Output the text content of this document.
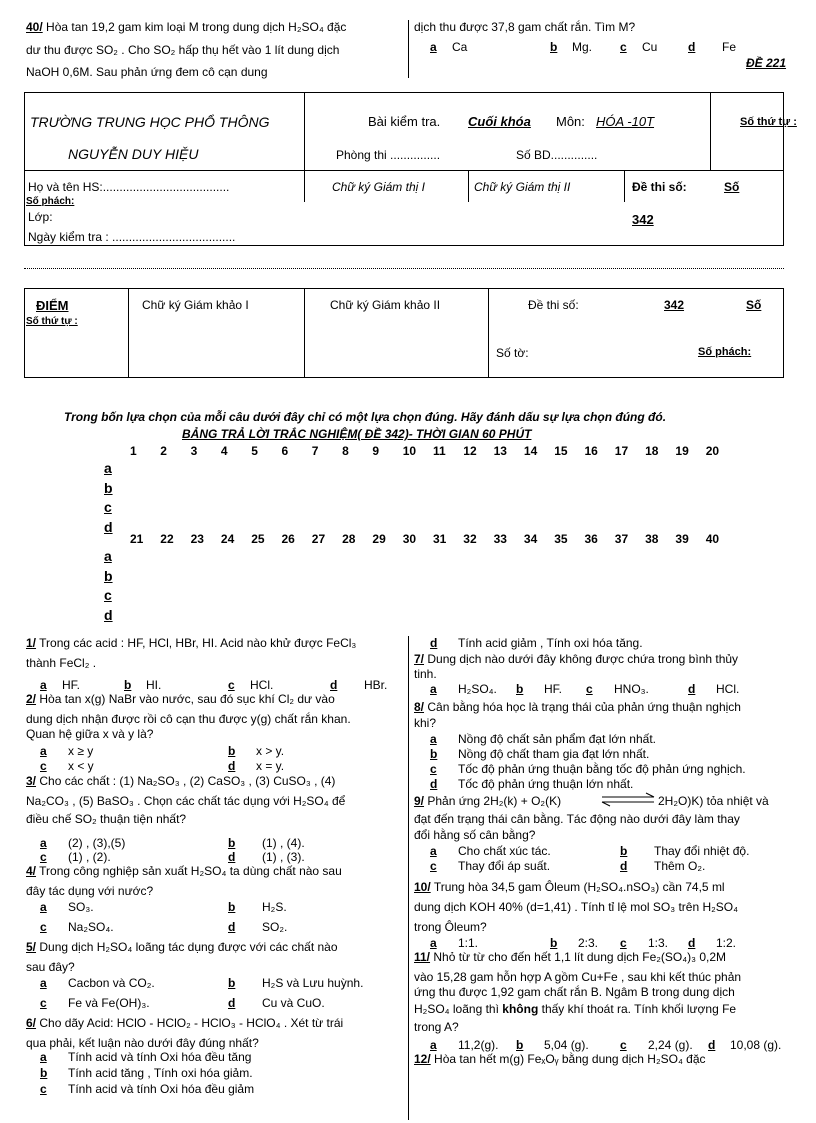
40/ Hòa tan 19,2 gam kim loại M trong dung dịch H₂SO₄ đặc
dư thu được SO₂ . Cho SO₂ hấp thụ hết vào 1 lít dung dịch
NaOH 0,6M. Sau phản ứng đem cô cạn dung
dịch thu được 37,8 gam chất rắn. Tìm M?
a Ca	b Mg. c Cu	d Fe
ĐỀ 221
TRƯỜNG TRUNG HỌC PHỔ THÔNG
NGUYỄN DUY HIỆU
Bài kiểm tra. Cuối khóa Môn: HÓA -10T	Số thứ tự :
Phòng thi ...............	Số BD..............
Họ và tên HS:......................................
Số phách:
Lớp:
Chữ ký Giám thị I	Chữ ký Giám thị II	Đề thi số:	Số
342
Ngày kiểm tra : .....................................
ĐIỂM
Số thứ tự :
Chữ ký Giám khảo I	Chữ ký Giám khảo II	Đề thi số:	342	Số
Số tờ:	Số phách:
Trong bốn lựa chọn của mỗi câu dưới đây chỉ có một lựa chọn đúng. Hãy đánh dấu sự lựa chọn đúng đó.
BẢNG TRẢ LỜI TRẮC NGHIỆM( ĐỀ 342)- THỜI GIAN 60 PHÚT
1 2 3 4 5 6 7 8 9 10 11 12 13 14 15 16 17 18 19 20
a
b
c
d
21 22 23 24 25 26 27 28 29 30 31 32 33 34 35 36 37 38 39 40
a
b
c
d
1/ Trong các acid : HF, HCl, HBr, HI. Acid nào khử được FeCl₃
thành FeCl₂ .
a HF.	b HI.	c HCl.	d HBr.
2/ Hòa tan x(g) NaBr vào nước, sau đó sục khí Cl₂ dư vào
dung dịch nhận được rồi cô cạn thu được y(g) chất rắn khan.
Quan hệ giữa x và y là?
a x ≥ y	b x > y.
c x < y	d x = y.
3/ Cho các chất : (1) Na₂SO₃ , (2) CaSO₃ , (3) CuSO₃ , (4)
Na₂CO₃ , (5) BaSO₃ . Chọn các chất tác dụng với H₂SO₄ để
điều chế SO₂ thuận tiện nhất?
a (2) , (3),(5)	b (1) , (4).
c (1) , (2).	d (1) , (3).
4/ Trong công nghiệp sản xuất H₂SO₄ ta dùng chất nào sau
đây tác dụng với nước?
a SO₃.	b H₂S.
c Na₂SO₄.	d SO₂.
5/ Dung dịch H₂SO₄ loãng tác dụng được với các chất nào
sau đây?
a Cacbon và CO₂.	b H₂S và Lưu huỳnh.
c Fe và Fe(OH)₃.	d Cu và CuO.
6/ Cho dãy Acid: HClO - HClO₂ - HClO₃ - HClO₄ . Xét từ trái
qua phải, kết luận nào dưới đây đúng nhất?
a Tính acid và tính Oxi hóa đều tăng
b Tính acid tăng , Tính oxi hóa giảm.
c Tính acid và tính Oxi hóa đều giảm
d Tính acid giảm , Tính oxi hóa tăng.
7/ Dung dịch nào dưới đây không được chứa trong bình thủy
tinh.
a H₂SO₄. b HF. c HNO₃.	d HCl.
8/ Cân bằng hóa học là trạng thái của phản ứng thuận nghịch
khi?
a Nồng độ chất sản phẩm đạt lớn nhất.
b Nồng độ chất tham gia đạt lớn nhất.
c Tốc độ phản ứng thuận bằng tốc độ phản ứng nghịch.
d Tốc độ phản ứng thuận lớn nhất.
9/ Phản ứng 2H₂(k) + O₂(K)	2H₂O)K) tỏa nhiệt và
đạt đến trạng thái cân bằng. Tác động nào dưới đây làm thay
đổi hằng số cân bằng?
a Cho chất xúc tác.	b Thay đổi nhiệt độ.
c Thay đổi áp suất.	d Thêm O₂.
10/ Trung hòa 34,5 gam Ôleum (H₂SO₄.nSO₃) cần 74,5 ml
dung dịch KOH 40% (d=1,41) . Tính tỉ lệ mol SO₃ trên H₂SO₄
trong Ôleum?
a 1:1.	b 2:3. c 1:3. d 1:2.
11/ Nhỏ từ từ cho đến hết 1,1 lít dung dịch Fe₂(SO₄)₃ 0,2M
vào 15,28 gam hỗn hợp A gồm Cu+Fe , sau khi kết thúc phản
ứng thu được 1,92 gam chất rắn B. Ngâm B trong dung dịch
H₂SO₄ loãng thì không thấy khí thoát ra. Tính khối lượng Fe
trong A?
a 11,2(g). b 5,04 (g).	c 2,24 (g). d 10,08 (g).
12/ Hòa tan hết m(g) FeₓOᵧ bằng dung dịch H₂SO₄ đặc
